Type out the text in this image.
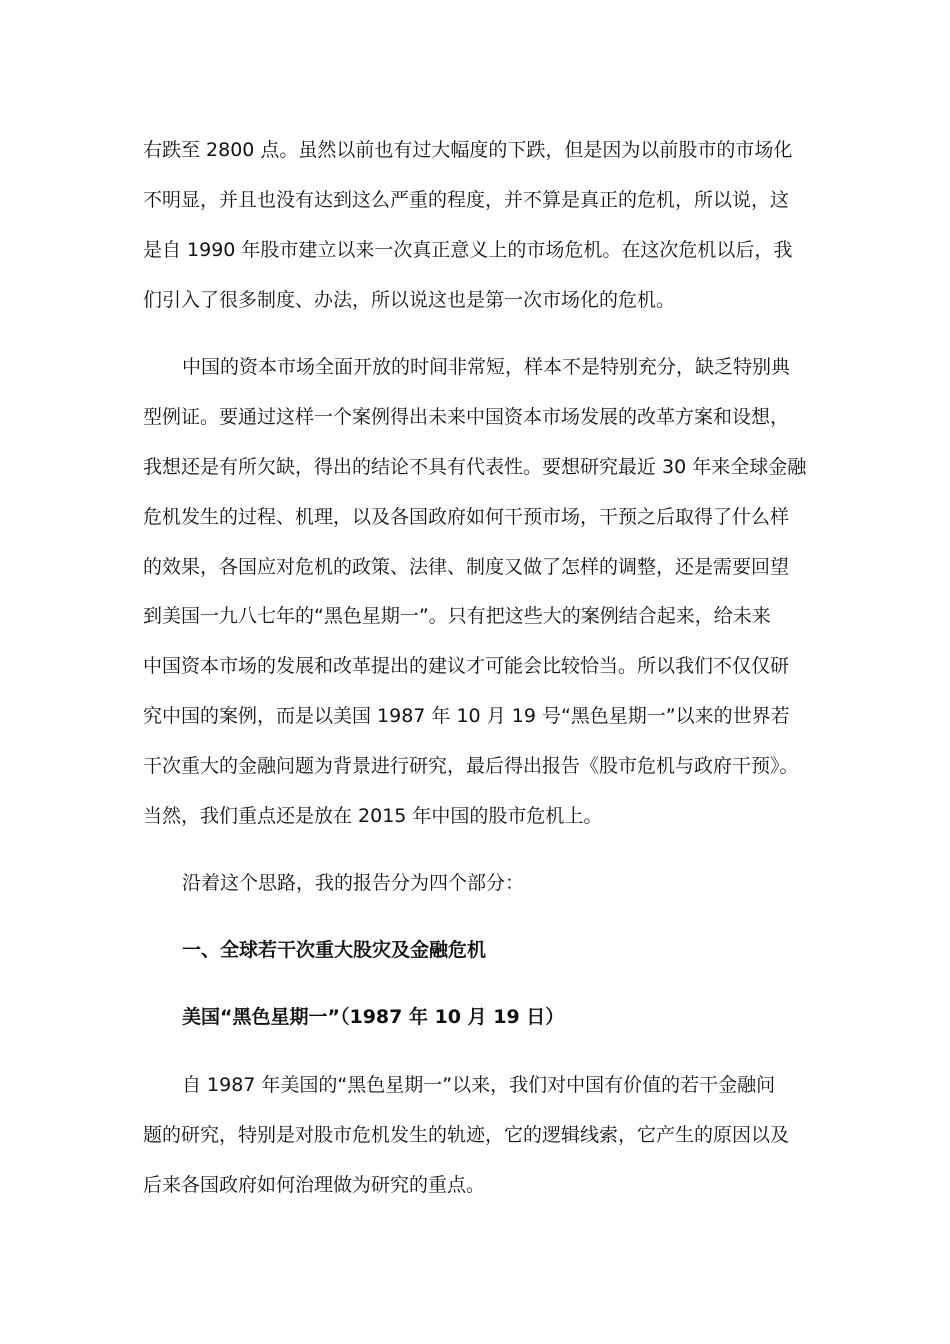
右跌至 2800 点。虽然以前也有过大幅度的下跌，但是因为以前股市的市场化
不明显，并且也没有达到这么严重的程度，并不算是真正的危机，所以说，这
是自 1990 年股市建立以来一次真正意义上的市场危机。在这次危机以后，我
们引入了很多制度、办法，所以说这也是第一次市场化的危机。
中国的资本市场全面开放的时间非常短，样本不是特别充分，缺乏特别典
型例证。要通过这样一个案例得出未来中国资本市场发展的改革方案和设想，
我想还是有所欠缺，得出的结论不具有代表性。要想研究最近 30 年来全球金融
危机发生的过程、机理，以及各国政府如何干预市场，干预之后取得了什么样
的效果，各国应对危机的政策、法律、制度又做了怎样的调整，还是需要回望
到美国一九八七年的“黑色星期一”。只有把这些大的案例结合起来，给未来
中国资本市场的发展和改革提出的建议才可能会比较恰当。所以我们不仅仅研
究中国的案例，而是以美国 1987 年 10 月 19 号“黑色星期一”以来的世界若
干次重大的金融问题为背景进行研究，最后得出报告《股市危机与政府干预》。
当然，我们重点还是放在 2015 年中国的股市危机上。
沿着这个思路，我的报告分为四个部分：
一、全球若干次重大股灾及金融危机
美国“黑色星期一”（1987 年 10 月 19 日）
自 1987 年美国的“黑色星期一”以来，我们对中国有价值的若干金融问
题的研究，特别是对股市危机发生的轨迹，它的逻辑线索，它产生的原因以及
后来各国政府如何治理做为研究的重点。
